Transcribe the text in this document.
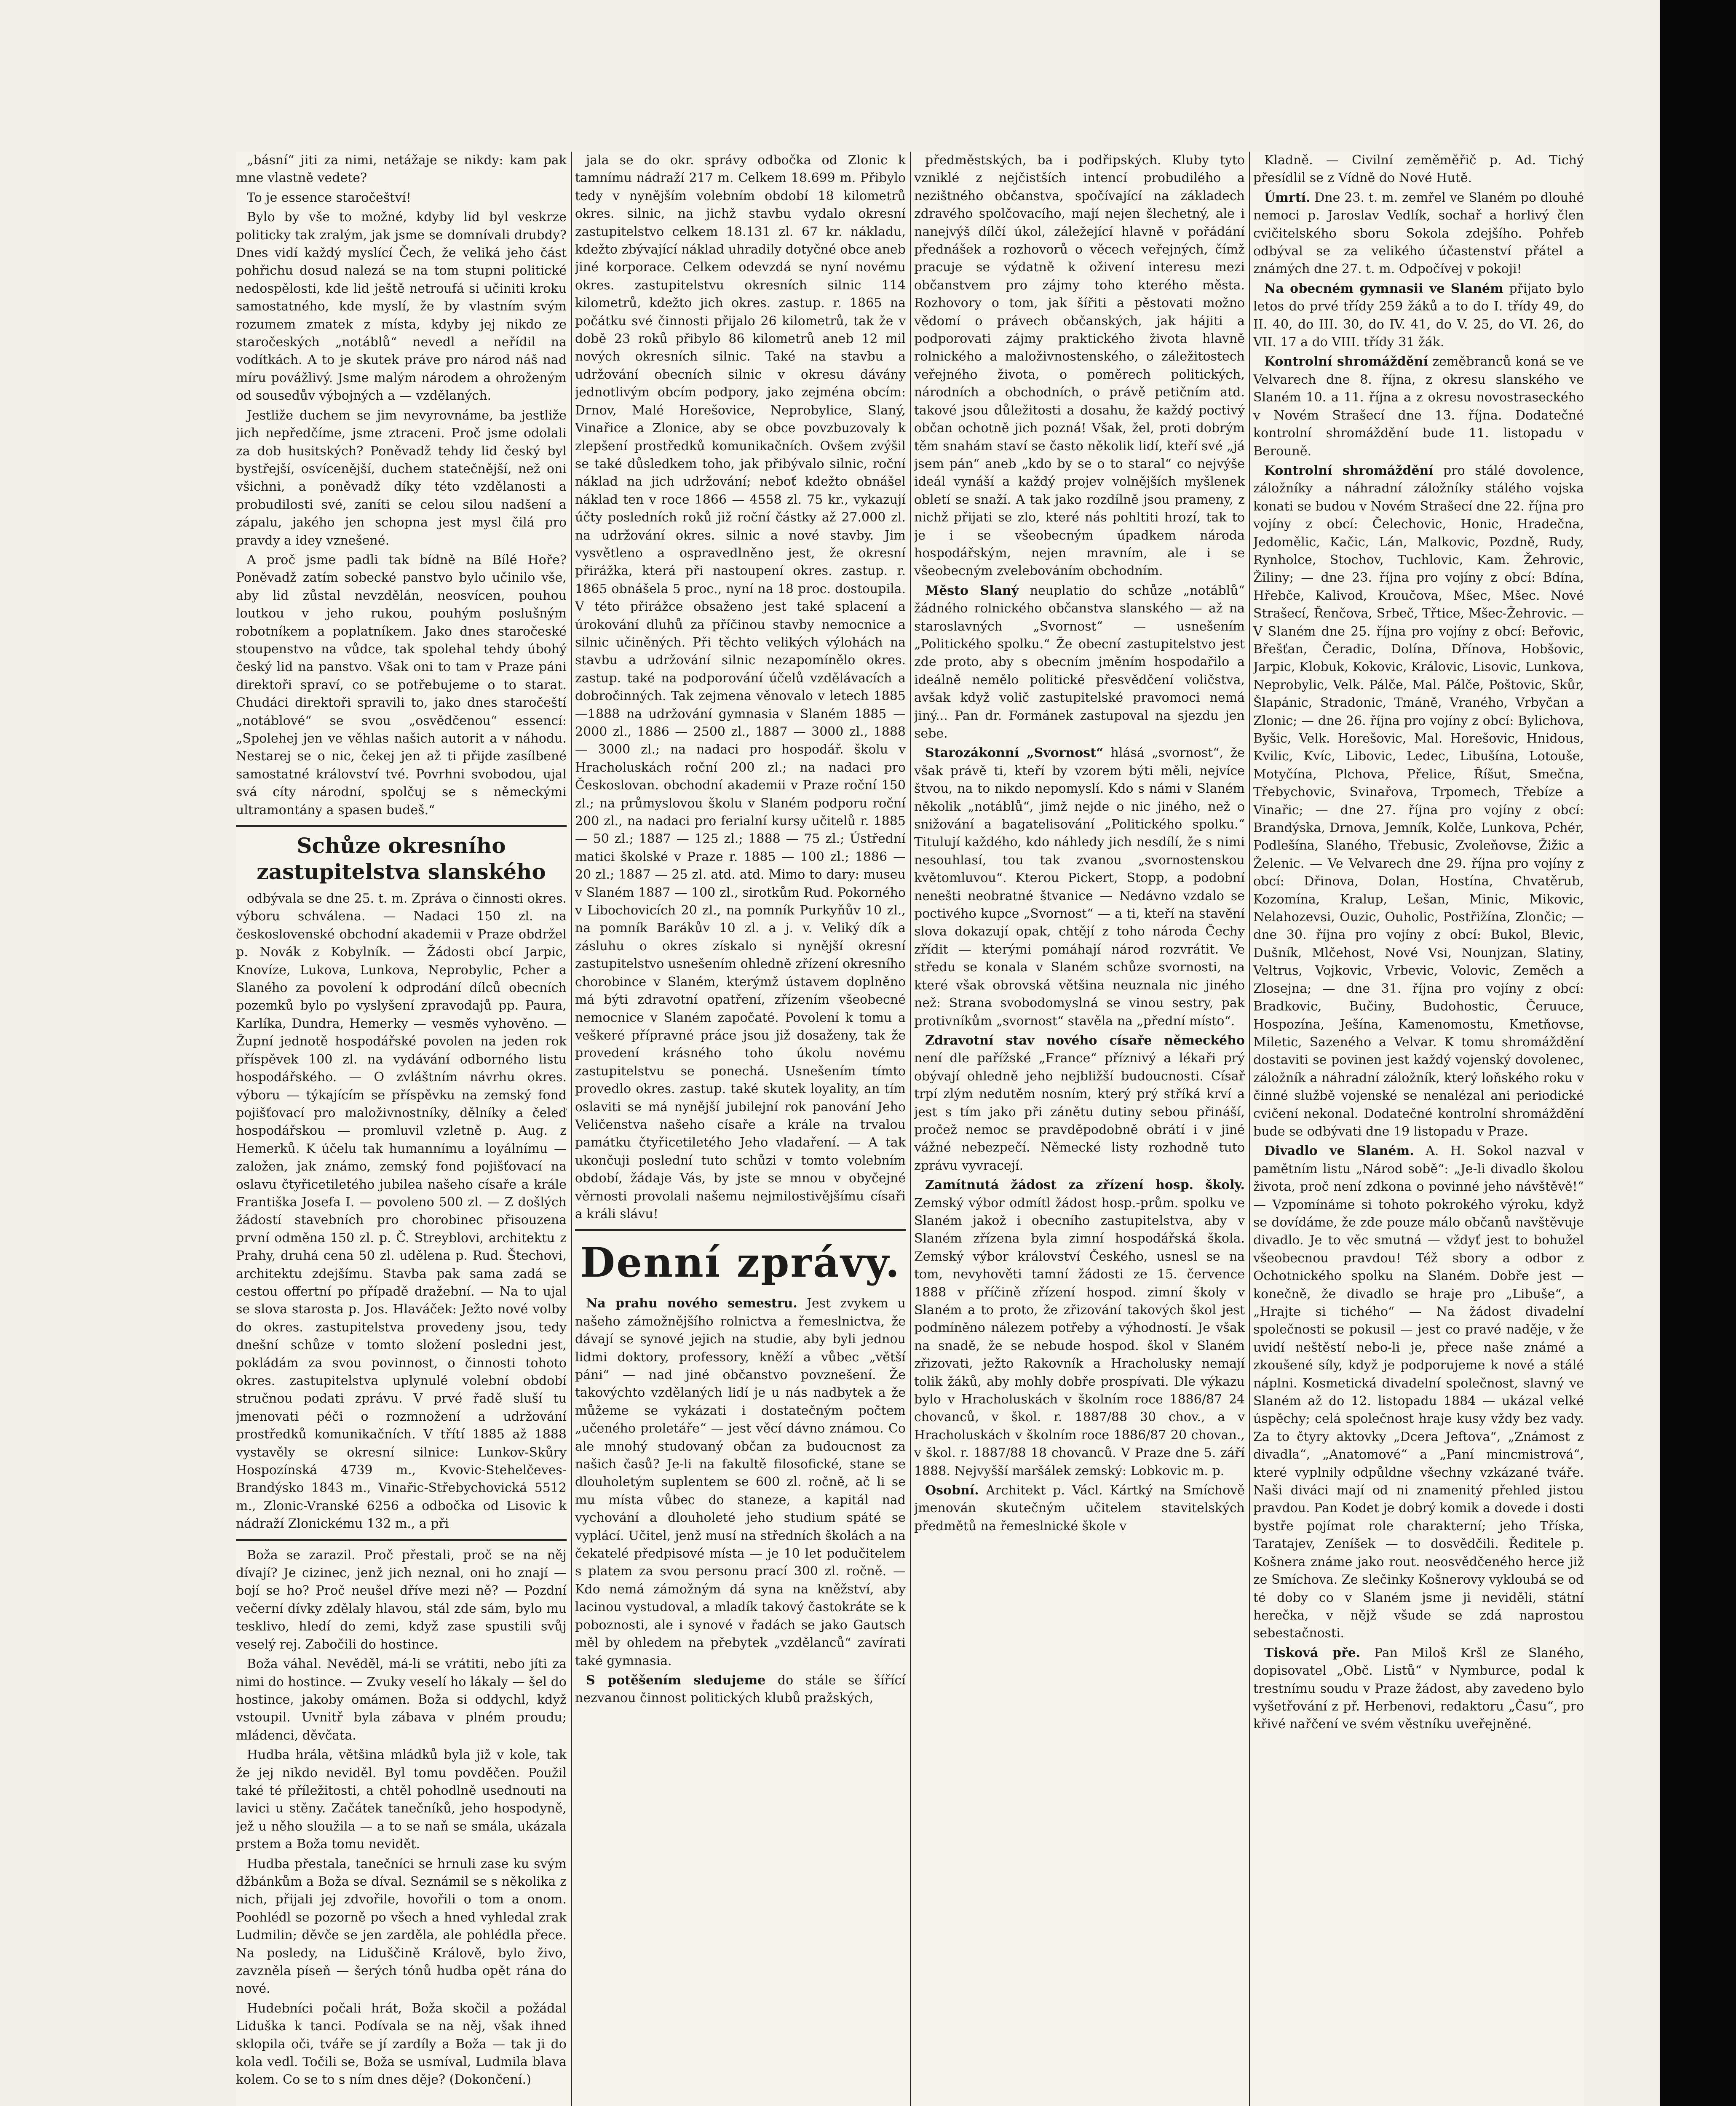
„básní“ jiti za nimi, netážaje se nikdy: kam pak mne vlastně vedete?

To je essence staročeštví!

Bylo by vše to možné, kdyby lid byl veskrze politicky tak zralým, jak jsme se domnívali drubdy? Dnes vidí každý myslící Čech, že veliká jeho část pohřichu dosud nalezá se na tom stupni politické nedospělosti, kde lid ještě netroufá si učiniti kroku samostatného, kde myslí, že by vlastním svým rozumem zmatek z místa, kdyby jej nikdo ze staročeských „notáblů“ nevedl a neřídil na vodítkách. A to je skutek práve pro národ náš nad míru povážlivý. Jsme malým národem a ohroženým od sousedův výbojných a — vzdělaných.

Jestliže duchem se jim nevyrovnáme, ba jestliže jich nepředčíme, jsme ztraceni. Proč jsme odolali za dob husitských? Poněvadž tehdy lid český byl bystřejší, osvícenější, duchem statečnější, než oni všichni, a poněvadž díky této vzdělanosti a probudilosti své, zaníti se celou silou nadšení a zápalu, jakého jen schopna jest mysl čilá pro pravdy a idey vznešené.

A proč jsme padli tak bídně na Bílé Hoře? Poněvadž zatím sobecké panstvo bylo učinilo vše, aby lid zůstal nevzdělán, neosvícen, pouhou loutkou v jeho rukou, pouhým poslušným robotníkem a poplatníkem. Jako dnes staročeské stoupenstvo na vůdce, tak spolehal tehdy úbohý český lid na panstvo. Však oni to tam v Praze páni direktoři spraví, co se potřebujeme o to starat. Chudáci direktoři spravili to, jako dnes staročeští „notáblové“ se svou „osvědčenou“ essencí: „Spolehej jen ve věhlas našich autorit a v náhodu. Nestarej se o nic, čekej jen až ti přijde zasílbené samostatné království tvé. Povrhni svobodou, ujal svá cíty národní, spolčuj se s německými ultramontány a spasen budeš.“

Schůze okresního zastupitelstva slanského

odbývala se dne 25. t. m. Zpráva o činnosti okres. výboru schválena. — Nadaci 150 zl. na československé obchodní akademii v Praze obdržel p. Novák z Kobylník. — Žádosti obcí Jarpic, Knovíze, Lukova, Lunkova, Neprobylic, Pcher a Slaného za povolení k odprodání dílců obecních pozemků bylo po vyslyšení zpravodajů pp. Paura, Karlíka, Dundra, Hemerky — vesměs vyhověno. — Župní jednotě hospodářské povolen na jeden rok příspěvek 100 zl. na vydávání odborného listu hospodářského. — O zvláštním návrhu okres. výboru — týkajícím se příspěvku na zemský fond pojišťovací pro maloživnostníky, dělníky a čeleď hospodářskou — promluvil vzletně p. Aug. z Hemerků. K účelu tak humannímu a loyálnímu — založen, jak známo, zemský fond pojišťovací na oslavu čtyřicetiletého jubilea našeho císaře a krále Františka Josefa I. — povoleno 500 zl. — Z došlých žádostí stavebních pro chorobinec přisouzena první odměna 150 zl. p. Č. Streyblovi, architektu z Prahy, druhá cena 50 zl. udělena p. Rud. Štechovi, architektu zdejšímu. Stavba pak sama zadá se cestou offertní po případě dražební. — Na to ujal se slova starosta p. Jos. Hlaváček: Ježto nové volby do okres. zastupitelstva provedeny jsou, tedy dnešní schůze v tomto složení posledni jest, pokládám za svou povinnost, o činnosti tohoto okres. zastupitelstva uplynulé volební období stručnou podati zprávu. V prvé řadě sluší tu jmenovati péči o rozmnožení a udržování prostředků komunikačních. V třítí 1885 až 1888 vystavěly se okresní silnice: Lunkov-Skůry Hospozínská 4739 m., Kvovic-Stehelčeves-Brandýsko 1843 m., Vinařic-Střebychovická 5512 m., Zlonic-Vranské 6256 a odbočka od Lisovic k nádraží Zlonickému 132 m., a při

Boža se zarazil. Proč přestali, proč se na něj dívají? Je cizinec, jenž jich neznal, oni ho znají — bojí se ho? Proč neušel dříve mezi ně? — Pozdní večerní dívky zdělaly hlavou, stál zde sám, bylo mu tesklivo, hledí do zemi, když zase spustili svůj veselý rej. Zabočili do hostince.

Boža váhal. Nevěděl, má-li se vrátiti, nebo jíti za nimi do hostince. — Zvuky veselí ho lákaly — šel do hostince, jakoby omámen. Boža si oddychl, když vstoupil. Uvnitř byla zábava v plném proudu; mládenci, děvčata.

Hudba hrála, většina mládků byla již v kole, tak že jej nikdo neviděl. Byl tomu povděčen. Použil také té příležitosti, a chtěl pohodlně usednouti na lavici u stěny. Začátek tanečníků, jeho hospodyně, jež u něho sloužila — a to se naň se smála, ukázala prstem a Boža tomu nevidět.

Hudba přestala, tanečníci se hrnuli zase ku svým džbánkům a Boža se díval. Seznámil se s několika z nich, přijali jej zdvořile, hovořili o tom a onom. Poohlédl se pozorně po všech a hned vyhledal zrak Ludmilin; děvče se jen zarděla, ale pohlédla přece. Na posledy, na Liduščině Králově, bylo živo, zavzněla píseň — šerých tónů hudba opět rána do nové.

Hudebníci počali hrát, Boža skočil a požádal Liduška k tanci. Podívala se na něj, však ihned sklopila oči, tváře se jí zardíly a Boža — tak ji do kola vedl. Točili se, Boža se usmíval, Ludmila blava kolem. Co se to s ním dnes děje? (Dokončení.)

jala se do okr. správy odbočka od Zlonic k tamnímu nádraží 217 m. Celkem 18.699 m. Přibylo tedy v nynějším volebním období 18 kilometrů okres. silnic, na jichž stavbu vydalo okresní zastupitelstvo celkem 18.131 zl. 67 kr. nákladu, kdežto zbývající náklad uhradily dotyčné obce aneb jiné korporace. Celkem odevzdá se nyní novému okres. zastupitelstvu okresních silnic 114 kilometrů, kdežto jich okres. zastup. r. 1865 na počátku své činnosti přijalo 26 kilometrů, tak že v době 23 roků přibylo 86 kilometrů aneb 12 mil nových okresních silnic. Také na stavbu a udržování obecních silnic v okresu dávány jednotlivým obcím podpory, jako zejména obcím: Drnov, Malé Horešovice, Neprobylice, Slaný, Vinařice a Zlonice, aby se obce povzbuzovaly k zlepšení prostředků komunikačních. Ovšem zvýšil se také důsledkem toho, jak přibývalo silnic, roční náklad na jich udržování; neboť kdežto obnášel náklad ten v roce 1866 — 4558 zl. 75 kr., vykazují účty posledních roků již roční částky až 27.000 zl. na udržování okres. silnic a nové stavby. Jim vysvětleno a ospravedlněno jest, že okresní přirážka, která při nastoupení okres. zastup. r. 1865 obnášela 5 proc., nyní na 18 proc. dostoupila. V této přirážce obsaženo jest také splacení a úrokování dluhů za příčinou stavby nemocnice a silnic učiněných. Při těchto velikých výlohách na stavbu a udržování silnic nezapomínělo okres. zastup. také na podporování účelů vzdělávacích a dobročinných. Tak zejmena věnovalo v letech 1885—1888 na udržování gymnasia v Slaném 1885 — 2000 zl., 1886 — 2500 zl., 1887 — 3000 zl., 1888 — 3000 zl.; na nadaci pro hospodář. školu v Hracholuskách roční 200 zl.; na nadaci pro Českoslovan. obchodní akademii v Praze roční 150 zl.; na průmyslovou školu v Slaném podporu roční 200 zl., na nadaci pro ferialní kursy učitelů r. 1885 — 50 zl.; 1887 — 125 zl.; 1888 — 75 zl.; Ústřední matici školské v Praze r. 1885 — 100 zl.; 1886 — 20 zl.; 1887 — 25 zl. atd. atd. Mimo to dary: museu v Slaném 1887 — 100 zl., sirotkům Rud. Pokorného v Libochovicích 20 zl., na pomník Purkyňův 10 zl., na pomník Barákův 10 zl. a j. v. Veliký dík a zásluhu o okres získalo si nynější okresní zastupitelstvo usnešením ohledně zřízení okresního chorobince v Slaném, kterýmž ústavem doplněno má býti zdravotní opatření, zřízením všeobecné nemocnice v Slaném započaté. Povolení k tomu a veškeré přípravné práce jsou již dosaženy, tak že provedení krásného toho úkolu novému zastupitelstvu se ponechá. Usnešením tímto provedlo okres. zastup. také skutek loyality, an tím oslaviti se má nynější jubilejní rok panování Jeho Veličenstva našeho císaře a krále na trvalou památku čtyřicetiletého Jeho vladaření. — A tak ukončuji poslední tuto schůzi v tomto volebním období, žádaje Vás, by jste se mnou v obyčejné věrnosti provolali našemu nejmilostivějšímu císaři a králi slávu!

Denní zprávy.

Na prahu nového semestru. Jest zvykem u našeho zámožnějšího rolnictva a řemeslnictva, že dávají se synové jejich na studie, aby byli jednou lidmi doktory, professory, kněží a vůbec „větší páni“ — nad jiné občanstvo povznešení. Že takovýchto vzdělaných lidí je u nás nadbytek a že můžeme se vykázati i dostatečným počtem „učeného proletáře“ — jest věcí dávno známou. Co ale mnohý studovaný občan za budoucnost za našich časů? Je-li na fakultě filosofické, stane se dlouholetým suplentem se 600 zl. ročně, ač li se mu místa vůbec do staneze, a kapitál nad vychování a dlouholeté jeho studium spáté se vyplácí. Učitel, jenž musí na středních školách a na čekatelé předpisové místa — je 10 let podučitelem s platem za svou personu prací 300 zl. ročně. — Kdo nemá zámožným dá syna na kněžství, aby lacinou vystudoval, a mladík takový častokráte se k poboznosti, ale i synové v řadách se jako Gautsch měl by ohledem na přebytek „vzdělanců“ zavírati také gymnasia.

S potěšením sledujeme do stále se šířící nezvanou činnost politických klubů pražských,

předměstských, ba i podřipských. Kluby tyto vzniklé z nejčistších intencí probudilého a nezištného občanstva, spočívající na základech zdravého spolčovacího, mají nejen šlechetný, ale i nanejvýš dílčí úkol, záležející hlavně v pořádání přednášek a rozhovorů o věcech veřejných, čímž pracuje se výdatně k oživení interesu mezi občanstvem pro zájmy toho kterého města. Rozhovory o tom, jak šířiti a pěstovati možno vědomí o právech občanských, jak hájiti a podporovati zájmy praktického života hlavně rolnického a maloživnostenského, o záležitostech veřejného života, o poměrech politických, národních a obchodních, o právě petičním atd. takové jsou důležitosti a dosahu, že každý poctivý občan ochotně jich pozná! Však, žel, proti dobrým těm snahám staví se často několik lidí, kteří své „já jsem pán“ aneb „kdo by se o to staral“ co nejvýše ideál vynáší a každý projev volnějších myšlenek obletí se snaží. A tak jako rozdílně jsou prameny, z nichž přijati se zlo, které nás pohltiti hrozí, tak to je i se všeobecným úpadkem národa hospodářským, nejen mravním, ale i se všeobecným zvelebováním obchodním.

Město Slaný neuplatio do schůze „notáblů“ žádného rolnického občanstva slanského — až na staroslavných „Svornost“ — usnešením „Politického spolku.“ Že obecní zastupitelstvo jest zde proto, aby s obecním jměním hospodařilo a ideálně nemělo politické přesvědčení voličstva, avšak když volič zastupitelské pravomoci nemá jiný... Pan dr. Formánek zastupoval na sjezdu jen sebe.

Starozákonní „Svornost“ hlásá „svornost“, že však právě ti, kteří by vzorem býti měli, nejvíce štvou, na to nikdo nepomyslí. Kdo s námi v Slaném několik „notáblů“, jimž nejde o nic jiného, než o snižování a bagatelisování „Politického spolku.“ Titulují každého, kdo náhledy jich nesdílí, že s nimi nesouhlasí, tou tak zvanou „svornostenskou květomluvou“. Kterou Pickert, Stopp, a podobní nenešti neobratné štvanice — Nedávno vzdalo se poctivého kupce „Svornost“ — a ti, kteří na stavění slova dokazují opak, chtějí z toho národa Čechy zřídit — kterými pomáhají národ rozvrátit. Ve středu se konala v Slaném schůze svornosti, na které však obrovská většina neuznala nic jiného než: Strana svobodomyslná se vinou sestry, pak protivníkům „svornost“ stavěla na „přední místo“.

Zdravotní stav nového císaře německého není dle pařížské „France“ příznivý a lékaři prý obývají ohledně jeho nejbližší budoucnosti. Císař trpí zlým nedutěm nosním, který prý stříká krví a jest s tím jako při zánětu dutiny sebou přináší, pročež nemoc se pravděpodobně obrátí i v jiné vážné nebezpečí. Německé listy rozhodně tuto zprávu vyvracejí.

Zamítnutá žádost za zřízení hosp. školy. Zemský výbor odmítl žádost hosp.-prům. spolku ve Slaném jakož i obecního zastupitelstva, aby v Slaném zřízena byla zimní hospodářská škola. Zemský výbor království Českého, usnesl se na tom, nevyhověti tamní žádosti ze 15. července 1888 v příčině zřízení hospod. zimní školy v Slaném a to proto, že zřizování takových škol jest podmíněno nálezem potřeby a výhodností. Je však na snadě, že se nebude hospod. škol v Slaném zřizovati, ježto Rakovník a Hracholusky nemají tolik žáků, aby mohly dobře prospívati. Dle výkazu bylo v Hracholuskách v školním roce 1886/87 24 chovanců, v škol. r. 1887/88 30 chov., a v Hracholuskách v školním roce 1886/87 20 chovan., v škol. r. 1887/88 18 chovanců. V Praze dne 5. září 1888. Nejvyšší maršálek zemský: Lobkovic m. p.

Osobní. Architekt p. Václ. Kártký na Smíchově jmenován skutečným učitelem stavitelských předmětů na řemeslnické škole v

Kladně. — Civilní zeměměřič p. Ad. Tichý přesídlil se z Vídně do Nové Hutě.

Úmrtí. Dne 23. t. m. zemřel ve Slaném po dlouhé nemoci p. Jaroslav Vedlík, sochař a horlivý člen cvičitelského sboru Sokola zdejšího. Pohřeb odbýval se za velikého účastenství přátel a známých dne 27. t. m. Odpočívej v pokoji!

Na obecném gymnasii ve Slaném přijato bylo letos do prvé třídy 259 žáků a to do I. třídy 49, do II. 40, do III. 30, do IV. 41, do V. 25, do VI. 26, do VII. 17 a do VIII. třídy 31 žák.

Kontrolní shromáždění zeměbranců koná se ve Velvarech dne 8. října, z okresu slanského ve Slaném 10. a 11. října a z okresu novostraseckého v Novém Strašecí dne 13. října. Dodatečné kontrolní shromáždění bude 11. listopadu v Berouně.

Kontrolní shromáždění pro stálé dovolence, záložníky a náhradní záložníky stálého vojska konati se budou v Novém Strašecí dne 22. října pro vojíny z obcí: Čelechovic, Honic, Hradečna, Jedomělic, Kačic, Lán, Malkovic, Pozdně, Rudy, Rynholce, Stochov, Tuchlovic, Kam. Žehrovic, Žiliny; — dne 23. října pro vojíny z obcí: Bdína, Hřebče, Kalivod, Kroučova, Mšec, Mšec. Nové Strašecí, Řenčova, Srbeč, Třtice, Mšec-Žehrovic. — V Slaném dne 25. října pro vojíny z obcí: Beřovic, Břešťan, Čeradic, Dolína, Dřínova, Hobšovic, Jarpic, Klobuk, Kokovic, Královic, Lisovic, Lunkova, Neprobylic, Velk. Pálče, Mal. Pálče, Poštovic, Skůr, Šlapánic, Stradonic, Tmáně, Vraného, Vrbyčan a Zlonic; — dne 26. října pro vojíny z obcí: Bylichova, Byšic, Velk. Horešovic, Mal. Horešovic, Hnidous, Kvilic, Kvíc, Libovic, Ledec, Libušína, Lotouše, Motyčína, Plchova, Přelice, Říšut, Smečna, Třebychovic, Svinařova, Trpomech, Třebíze a Vinařic; — dne 27. října pro vojíny z obcí: Brandýska, Drnova, Jemník, Kolče, Lunkova, Pchér, Podlešína, Slaného, Třebusic, Zvoleňovse, Žižic a Želenic. — Ve Velvarech dne 29. října pro vojíny z obcí: Dřinova, Dolan, Hostína, Chvatěrub, Kozomína, Kralup, Lešan, Minic, Mikovic, Nelahozevsi, Ouzic, Ouholic, Postřižína, Zlončic; — dne 30. října pro vojíny z obcí: Bukol, Blevic, Dušník, Mlčehost, Nové Vsi, Nounjzan, Slatiny, Veltrus, Vojkovic, Vrbevic, Volovic, Zeměch a Zlosejna; — dne 31. října pro vojíny z obcí: Bradkovic, Bučiny, Budohostic, Čeruuce, Hospozína, Ješína, Kamenomostu, Kmetňovse, Miletic, Sazeného a Velvar. K tomu shromáždění dostaviti se povinen jest každý vojenský dovolenec, záložník a náhradní záložník, který loňského roku v činné službě vojenské se nenalézal ani periodické cvičení nekonal. Dodatečné kontrolní shromáždění bude se odbývati dne 19 listopadu v Praze.

Divadlo ve Slaném. A. H. Sokol nazval v pamětním listu „Národ sobě“: „Je-li divadlo školou života, proč není zdkona o povinné jeho návštěvě!“ — Vzpomínáme si tohoto pokrokého výroku, když se dovídáme, že zde pouze málo občanů navštěvuje divadlo. Je to věc smutná — vždyť jest to bohužel všeobecnou pravdou! Též sbory a odbor z Ochotnického spolku na Slaném. Dobře jest — konečně, že divadlo se hraje pro „Libuše“, a „Hrajte si tichého“ — Na žádost divadelní společnosti se pokusil — jest co pravé naděje, v že uvidí neštěstí nebo-li je, přece naše známé a zkoušené síly, když je podporujeme k nové a stálé náplni. Kosmetická divadelní společnost, slavný ve Slaném až do 12. listopadu 1884 — ukázal velké úspěchy; celá společnost hraje kusy vždy bez vady. Za to čtyry aktovky „Dcera Jeftova“, „Známost z divadla“, „Anatomové“ a „Paní mincmistrová“, které vyplnily odpůldne všechny vzkázané tváře. Naši diváci mají od ni znamenitý přehled jistou pravdou. Pan Kodet je dobrý komik a dovede i dosti bystře pojímat role charakterní; jeho Tříska, Taratajev, Zeníšek — to dosvědčili. Ředitele p. Košnera známe jako rout. neosvědčeného herce již ze Smíchova. Ze slečinky Košnerovy vykloubá se od té doby co v Slaném jsme ji neviděli, státní herečka, v nějž všude se zdá naprostou sebestačnosti.

Tisková pře. Pan Miloš Kršl ze Slaného, dopisovatel „Obč. Listů“ v Nymburce, podal k trestnímu soudu v Praze žádost, aby zavedeno bylo vyšetřování z př. Herbenovi, redaktoru „Času“, pro křivé nařčení ve svém věstníku uveřejněné.
